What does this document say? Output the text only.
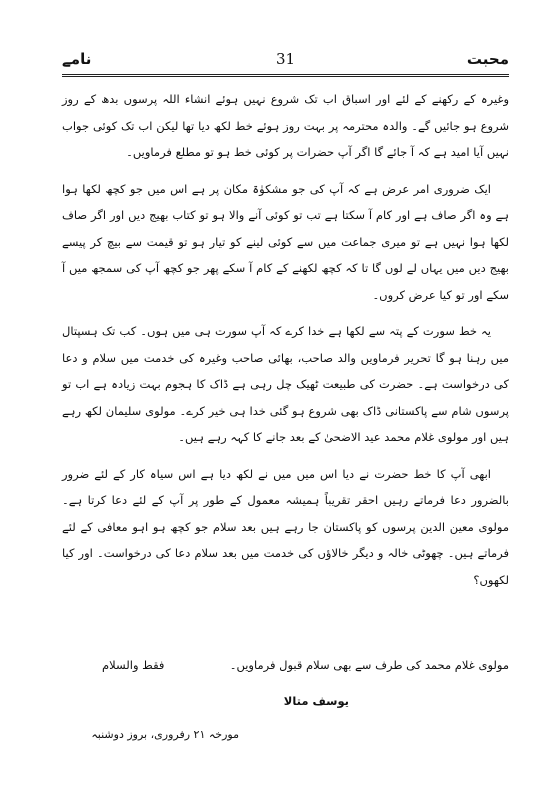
نامے	31	محبت

وغیرہ کے رکھنے کے لئے اور اسباق اب تک شروع نہیں ہوئے انشاء اللہ پرسوں بدھ کے روز شروع ہو جائیں گے۔ والدہ محترمہ پر بہت روز ہوئے خط لکھ دیا تھا لیکن اب تک کوئی جواب نہیں آیا امید ہے کہ آ جائے گا اگر آپ حضرات پر کوئی خط ہو تو مطلع فرماویں۔

ایک ضروری امر عرض ہے کہ آپ کی جو مشکوٰۃ مکان پر ہے اس میں جو کچھ لکھا ہوا ہے وہ اگر صاف ہے اور کام آ سکتا ہے تب تو کوئی آنے والا ہو تو کتاب بھیج دیں اور اگر صاف لکھا ہوا نہیں ہے تو میری جماعت میں سے کوئی لینے کو تیار ہو تو قیمت سے بیچ کر پیسے بھیج دیں میں یہاں لے لوں گا تا کہ کچھ لکھنے کے کام آ سکے پھر جو کچھ آپ کی سمجھ میں آ سکے اور تو کیا عرض کروں۔

یہ خط سورت کے پتہ سے لکھا ہے خدا کرے کہ آپ سورت ہی میں ہوں۔ کب تک ہسپتال میں رہنا ہو گا تحریر فرماویں والد صاحب، بھائی صاحب وغیرہ کی خدمت میں سلام و دعا کی درخواست ہے۔ حضرت کی طبیعت ٹھیک چل رہی ہے ڈاک کا ہجوم بہت زیادہ ہے اب تو پرسوں شام سے پاکستانی ڈاک بھی شروع ہو گئی خدا ہی خیر کرے۔ مولوی سلیمان لکھ رہے ہیں اور مولوی غلام محمد عید الاضحیٰ کے بعد جانے کا کہہ رہے ہیں۔

ابھی آپ کا خط حضرت نے دیا اس میں میں نے لکھ دیا ہے اس سیاہ کار کے لئے ضرور بالضرور دعا فرماتے رہیں احقر تقریباً ہمیشہ معمول کے طور پر آپ کے لئے دعا کرتا ہے۔ مولوی معین الدین پرسوں کو پاکستان جا رہے ہیں بعد سلام جو کچھ ہو اہو معافی کے لئے فرماتے ہیں۔ چھوٹی خالہ و دیگر خالاؤں کی خدمت میں بعد سلام دعا کی درخواست۔ اور کیا لکھوں؟

مولوی غلام محمد کی طرف سے بھی سلام قبول فرماویں۔
فقط والسلام
یوسف متالا
مورخہ ۲۱ رفروری، بروز دوشنبہ
